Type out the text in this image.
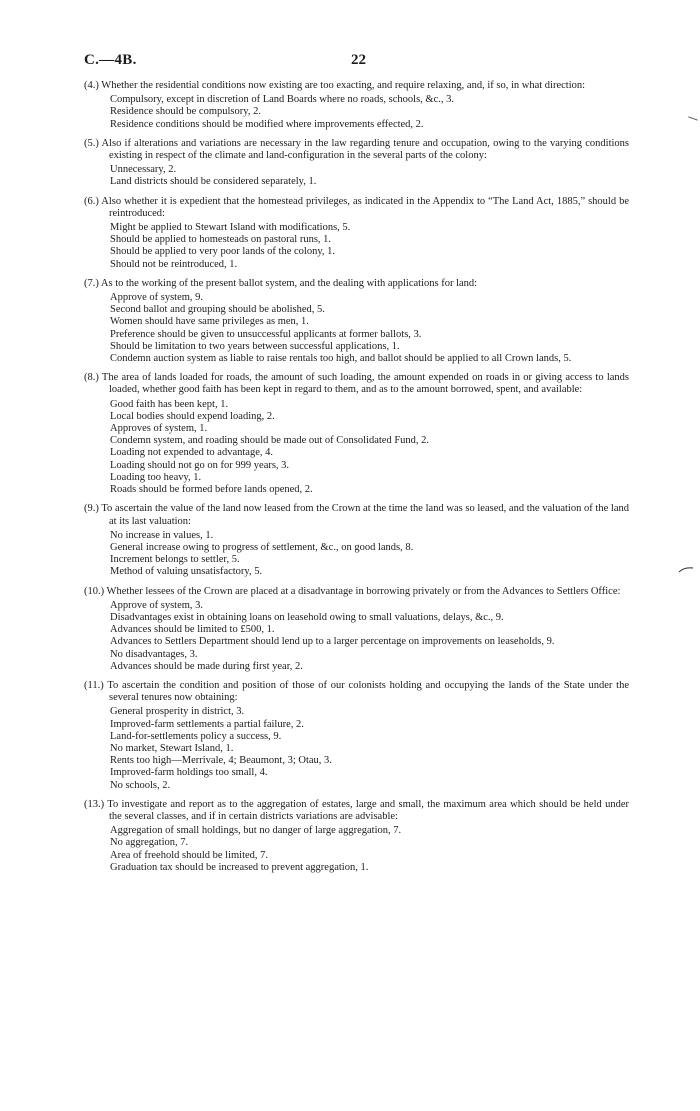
C.—4B.	22

(4.) Whether the residential conditions now existing are too exacting, and require relaxing, and, if so, in what direction:

Compulsory, except in discretion of Land Boards where no roads, schools, &c., 3.
Residence should be compulsory, 2.
Residence conditions should be modified where improvements effected, 2.

(5.) Also if alterations and variations are necessary in the law regarding tenure and occupation, owing to the varying conditions existing in respect of the climate and land-configuration in the several parts of the colony:

Unnecessary, 2.
Land districts should be considered separately, 1.

(6.) Also whether it is expedient that the homestead privileges, as indicated in the Appendix to “The Land Act, 1885,” should be reintroduced:

Might be applied to Stewart Island with modifications, 5.
Should be applied to homesteads on pastoral runs, 1.
Should be applied to very poor lands of the colony, 1.
Should not be reintroduced, 1.

(7.) As to the working of the present ballot system, and the dealing with applications for land:

Approve of system, 9.
Second ballot and grouping should be abolished, 5.
Women should have same privileges as men, 1.
Preference should be given to unsuccessful applicants at former ballots, 3.
Should be limitation to two years between successful applications, 1.
Condemn auction system as liable to raise rentals too high, and ballot should be applied to all Crown lands, 5.

(8.) The area of lands loaded for roads, the amount of such loading, the amount expended on roads in or giving access to lands loaded, whether good faith has been kept in regard to them, and as to the amount borrowed, spent, and available:

Good faith has been kept, 1.
Local bodies should expend loading, 2.
Approves of system, 1.
Condemn system, and roading should be made out of Consolidated Fund, 2.
Loading not expended to advantage, 4.
Loading should not go on for 999 years, 3.
Loading too heavy, 1.
Roads should be formed before lands opened, 2.

(9.) To ascertain the value of the land now leased from the Crown at the time the land was so leased, and the valuation of the land at its last valuation:

No increase in values, 1.
General increase owing to progress of settlement, &c., on good lands, 8.
Increment belongs to settler, 5.
Method of valuing unsatisfactory, 5.

(10.) Whether lessees of the Crown are placed at a disadvantage in borrowing privately or from the Advances to Settlers Office:

Approve of system, 3.
Disadvantages exist in obtaining loans on leasehold owing to small valuations, delays, &c., 9.
Advances should be limited to £500, 1.
Advances to Settlers Department should lend up to a larger percentage on improvements on leaseholds, 9.
No disadvantages, 3.
Advances should be made during first year, 2.

(11.) To ascertain the condition and position of those of our colonists holding and occupying the lands of the State under the several tenures now obtaining:

General prosperity in district, 3.
Improved-farm settlements a partial failure, 2.
Land-for-settlements policy a success, 9.
No market, Stewart Island, 1.
Rents too high—Merrivale, 4; Beaumont, 3; Otau, 3.
Improved-farm holdings too small, 4.
No schools, 2.

(13.) To investigate and report as to the aggregation of estates, large and small, the maximum area which should be held under the several classes, and if in certain districts variations are advisable:

Aggregation of small holdings, but no danger of large aggregation, 7.
No aggregation, 7.
Area of freehold should be limited, 7.
Graduation tax should be increased to prevent aggregation, 1.
